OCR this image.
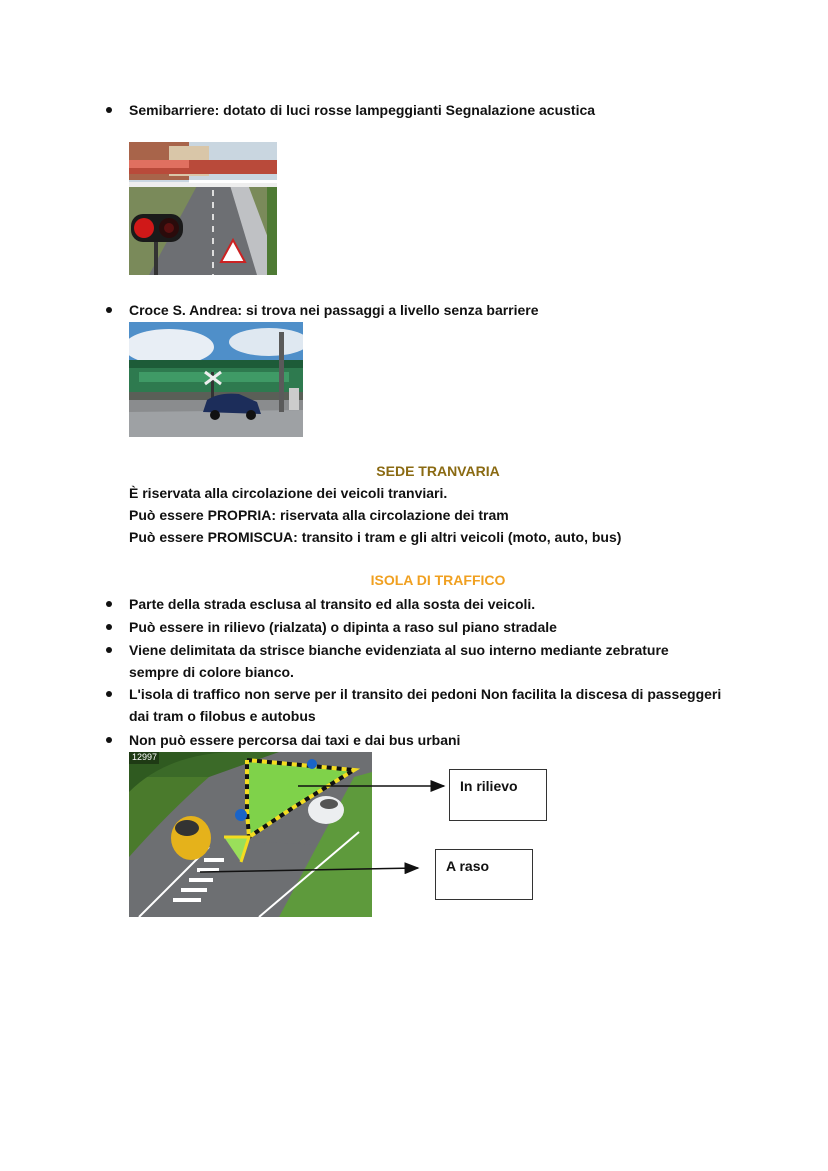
Semibarriere: dotato di luci rosse lampeggianti Segnalazione acustica
Croce S. Andrea: si trova nei passaggi a livello senza barriere
SEDE TRANVARIA
È riservata alla circolazione dei veicoli tranviari.
Può essere PROPRIA: riservata alla circolazione dei tram
Può essere PROMISCUA: transito i tram e gli altri veicoli (moto, auto, bus)
ISOLA DI TRAFFICO
Parte della strada esclusa al transito ed alla sosta dei veicoli.
Può essere in rilievo (rialzata) o dipinta a raso sul piano stradale
Viene delimitata da strisce bianche evidenziata al suo interno mediante zebrature
sempre di colore bianco.
L'isola di traffico non serve per il transito dei pedoni Non facilita la discesa di passeggeri
dai tram o filobus e autobus
Non può essere percorsa dai taxi e dai bus urbani
12997
In rilievo
A raso
